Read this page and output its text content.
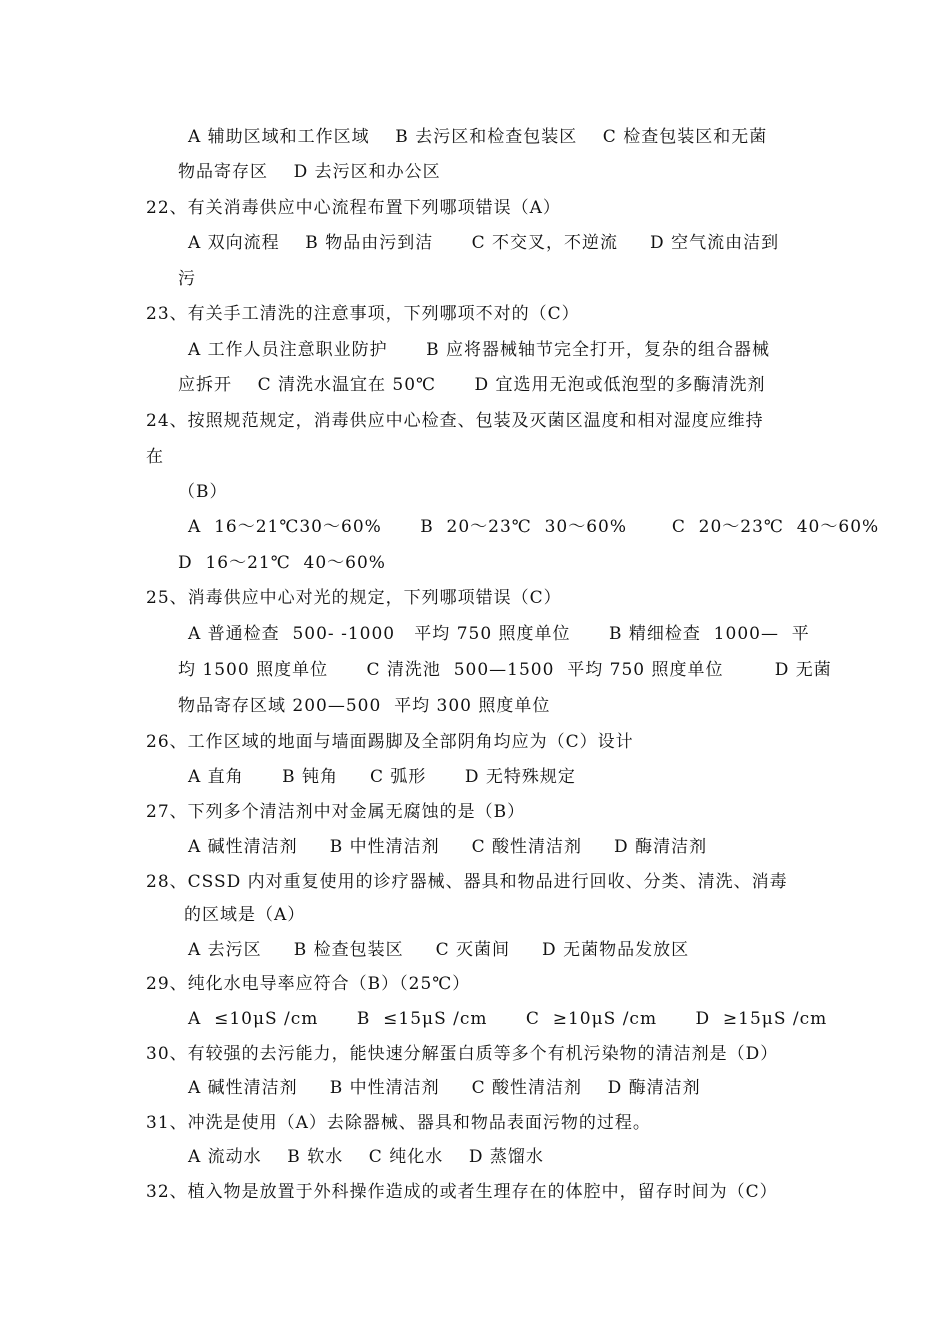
A 辅助区域和工作区域    B 去污区和检查包装区    C 检查包装区和无菌
物品寄存区    D 去污区和办公区
22、有关消毒供应中心流程布置下列哪项错误（A）
A 双向流程    B 物品由污到洁      C 不交叉，不逆流     D 空气流由洁到
污
23、有关手工清洗的注意事项，下列哪项不对的（C）
A 工作人员注意职业防护      B 应将器械轴节完全打开，复杂的组合器械
应拆开    C 清洗水温宜在 50℃      D 宜选用无泡或低泡型的多酶清洗剂
24、按照规范规定，消毒供应中心检查、包装及灭菌区温度和相对湿度应维持
在
（B）
A  16～21℃30～60%      B  20～23℃  30～60%       C  20～23℃  40～60%
D  16～21℃  40～60%
25、消毒供应中心对光的规定，下列哪项错误（C）
A 普通检查  500- -1000   平均 750 照度单位      B 精细检查  1000—  平
均 1500 照度单位      C 清洗池  500—1500  平均 750 照度单位        D 无菌
物品寄存区域 200—500  平均 300 照度单位
26、工作区域的地面与墙面踢脚及全部阴角均应为（C）设计
A 直角      B 钝角     C 弧形      D 无特殊规定
27、下列多个清洁剂中对金属无腐蚀的是（B）
A 碱性清洁剂     B 中性清洁剂     C 酸性清洁剂     D 酶清洁剂
28、CSSD 内对重复使用的诊疗器械、器具和物品进行回收、分类、清洗、消毒
的区域是（A）
A 去污区     B 检查包装区     C 灭菌间     D 无菌物品发放区
29、纯化水电导率应符合（B）（25℃）
A  ≤10μS /cm      B  ≤15μS /cm      C  ≥10μS /cm      D  ≥15μS /cm
30、有较强的去污能力，能快速分解蛋白质等多个有机污染物的清洁剂是（D）
A 碱性清洁剂     B 中性清洁剂     C 酸性清洁剂    D 酶清洁剂
31、冲洗是使用（A）去除器械、器具和物品表面污物的过程。
A 流动水    B 软水    C 纯化水    D 蒸馏水
32、植入物是放置于外科操作造成的或者生理存在的体腔中，留存时间为（C）
